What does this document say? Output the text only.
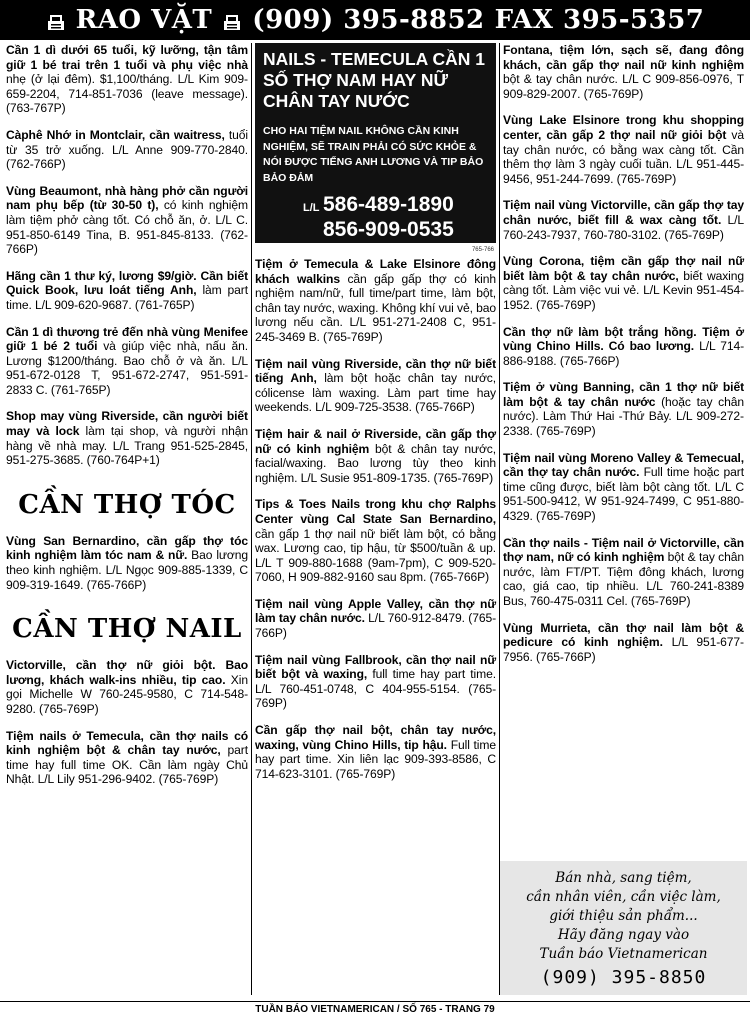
RAO VẶT (909) 395-8852 FAX 395-5357

Cần 1 dì dưới 65 tuổi, kỹ lưỡng, tận tâm giữ 1 bé trai trên 1 tuổi và phụ việc nhà nhẹ (ở lại đêm). $1,100/tháng. L/L Kim 909-659-2204, 714-851-7036 (leave message). (763-767P)

Càphê Nhớ in Montclair, cần waitress, tuổi từ 35 trở xuống. L/L Anne 909-770-2840. (762-766P)

Vùng Beaumont, nhà hàng phở cần người nam phụ bếp (từ 30-50 t), có kinh nghiệm làm tiệm phở càng tốt. Có chỗ ăn, ở. L/L C. 951-850-6149 Tina, B. 951-845-8133. (762-766P)

Hãng cần 1 thư ký, lương $9/giờ. Cần biết Quick Book, lưu loát tiếng Anh, làm part time. L/L 909-620-9687. (761-765P)

Cần 1 dì thương trẻ đến nhà vùng Menifee giữ 1 bé 2 tuổi và giúp việc nhà, nấu ăn. Lương $1200/tháng. Bao chỗ ở và ăn. L/L 951-672-0128 T, 951-672-2747, 951-591-2833 C. (761-765P)

Shop may vùng Riverside, cần người biết may và lock làm tại shop, và người nhận hàng về nhà may. L/L Trang 951-525-2845, 951-275-3685. (760-764P+1)

CẦN THỢ TÓC

Vùng San Bernardino, cần gấp thợ tóc kinh nghiệm làm tóc nam & nữ. Bao lương theo kinh nghiệm. L/L Ngọc 909-885-1339, C 909-319-1649. (765-766P)

CẦN THỢ NAIL

Victorville, cần thợ nữ giỏi bột. Bao lương, khách walk-ins nhiều, tip cao. Xin gọi Michelle W 760-245-9580, C 714-548-9280. (765-769P)

Tiệm nails ở Temecula, cần thợ nails có kinh nghiệm bột & chân tay nước, part time hay full time OK. Cần làm ngày Chủ Nhật. L/L Lily 951-296-9402. (765-769P)

NAILS - TEMECULA CẦN 1 SỐ THỢ NAM HAY NỮ CHÂN TAY NƯỚC
CHO HAI TIỆM NAIL KHÔNG CẦN KINH NGHIỆM, SẼ TRAIN PHẢI CÓ SỨC KHỎE & NÓI ĐƯỢC TIẾNG ANH LƯƠNG VÀ TIP BẢO BẢO ĐẢM
L/L 586-489-1890
856-909-0535
765-766

Tiệm ở Temecula & Lake Elsinore đông khách walkins cần gấp gấp thợ có kinh nghiệm nam/nữ, full time/part time, làm bột, chân tay nước, waxing. Không khí vui vẻ, bao lương nếu cần. L/L 951-271-2408 C, 951-245-3469 B. (765-769P)

Tiệm nail vùng Riverside, cần thợ nữ biết tiếng Anh, làm bột hoặc chân tay nước, cólicense làm waxing. Làm part time hay weekends. L/L 909-725-3538. (765-766P)

Tiệm hair & nail ở Riverside, cần gấp thợ nữ có kinh nghiệm bột & chân tay nước, facial/waxing. Bao lương tùy theo kinh nghiệm. L/L Susie 951-809-1735. (765-769P)

Tips & Toes Nails trong khu chợ Ralphs Center vùng Cal State San Bernardino, cần gấp 1 thợ nail nữ biết làm bột, có bằng wax. Lương cao, tip hậu, từ $500/tuần & up. L/L T 909-880-1688 (9am-7pm), C 909-520-7060, H 909-882-9160 sau 8pm. (765-766P)

Tiệm nail vùng Apple Valley, cần thợ nữ làm tay chân nước. L/L 760-912-8479. (765-766P)

Tiệm nail vùng Fallbrook, cần thợ nail nữ biết bột và waxing, full time hay part time. L/L 760-451-0748, C 404-955-5154. (765-769P)

Cần gấp thợ nail bột, chân tay nước, waxing, vùng Chino Hills, tip hậu. Full time hay part time. Xin liên lạc 909-393-8586, C 714-623-3101. (765-769P)

Fontana, tiệm lớn, sạch sẽ, đang đông khách, cần gấp thợ nail nữ kinh nghiệm bột & tay chân nước. L/L C 909-856-0976, T 909-829-2007. (765-769P)

Vùng Lake Elsinore trong khu shopping center, cần gấp 2 thợ nail nữ giỏi bột và tay chân nước, có bằng wax càng tốt. Cần thêm thợ làm 3 ngày cuối tuần. L/L 951-445-9456, 951-244-7699. (765-769P)

Tiệm nail vùng Victorville, cần gấp thợ tay chân nước, biết fill & wax càng tốt. L/L 760-243-7937, 760-780-3102. (765-769P)

Vùng Corona, tiệm cần gấp thợ nail nữ biết làm bột & tay chân nước, biết waxing càng tốt. Làm việc vui vẻ. L/L Kevin 951-454-1952. (765-769P)

Cần thợ nữ làm bột trắng hồng. Tiệm ở vùng Chino Hills. Có bao lương. L/L 714-886-9188. (765-766P)

Tiệm ở vùng Banning, cần 1 thợ nữ biết làm bột & tay chân nước (hoặc tay chân nước). Làm Thứ Hai -Thứ Bảy. L/L 909-272-2338. (765-769P)

Tiệm nail vùng Moreno Valley & Temecual, cần thợ tay chân nước. Full time hoặc part time cũng được, biết làm bột càng tốt. L/L C 951-500-9412, W 951-924-7499, C 951-880-4329. (765-769P)

Cần thợ nails - Tiệm nail ở Victorville, cần thợ nam, nữ có kinh nghiệm bột & tay chân nước, làm FT/PT. Tiệm đông khách, lương cao, giá cao, tip nhiều. L/L 760-241-8389 Bus, 760-475-0311 Cel. (765-769P)

Vùng Murrieta, cần thợ nail làm bột & pedicure có kinh nghiệm. L/L 951-677-7956. (765-766P)

Bán nhà, sang tiệm,
cần nhân viên, cần việc làm,
giới thiệu sản phẩm...
Hãy đăng ngay vào
Tuần báo Vietnamerican
(909) 395-8850
TUẦN BÁO VIETNAMERICAN / SỐ 765 - TRANG 79
